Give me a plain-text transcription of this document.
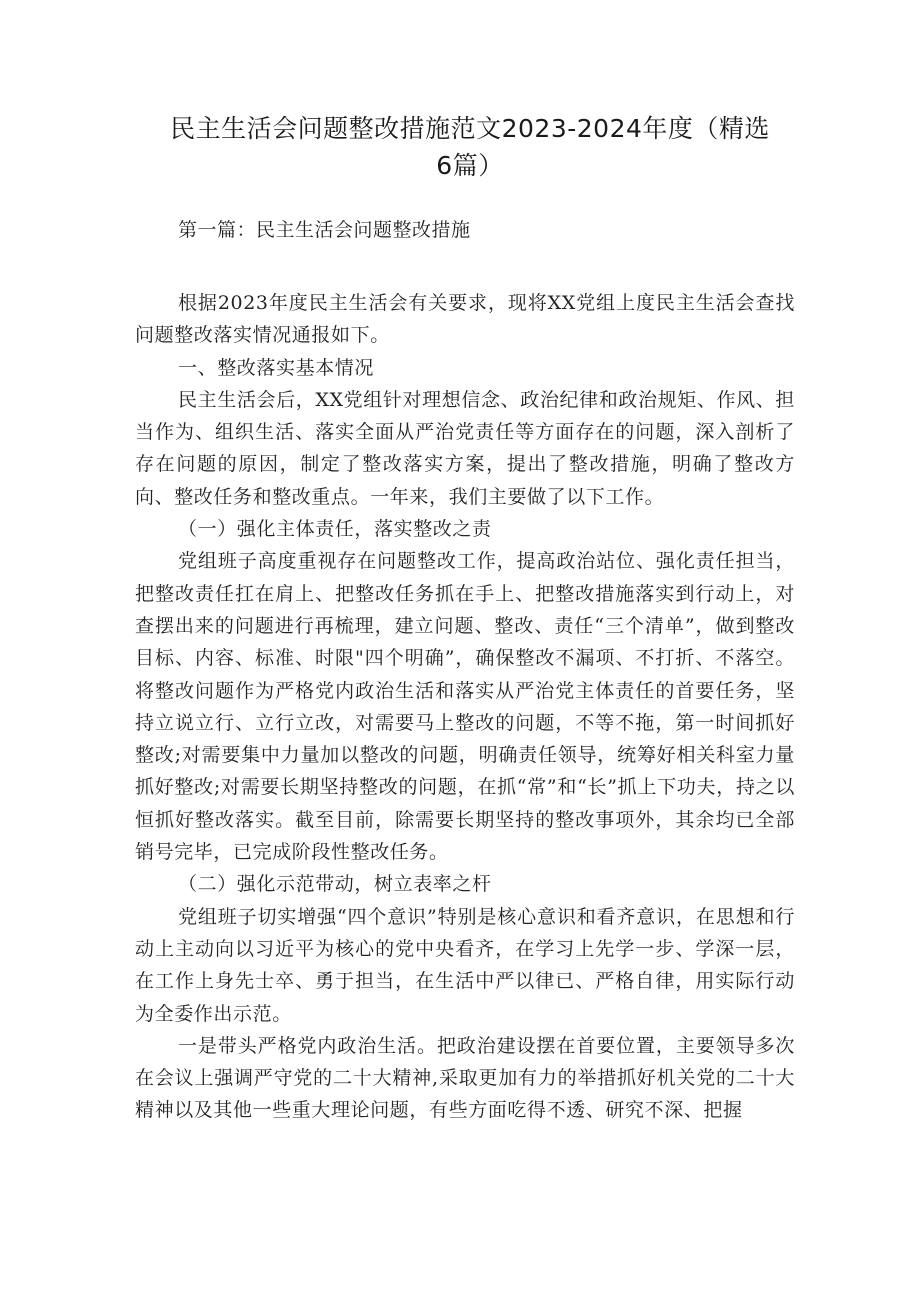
民主生活会问题整改措施范文2023-2024年度（精选6篇）

第一篇：民主生活会问题整改措施

根据2023年度民主生活会有关要求，现将XX党组上度民主生活会查找问题整改落实情况通报如下。

一、整改落实基本情况

民主生活会后，XX党组针对理想信念、政治纪律和政治规矩、作风、担当作为、组织生活、落实全面从严治党责任等方面存在的问题，深入剖析了存在问题的原因，制定了整改落实方案，提出了整改措施，明确了整改方向、整改任务和整改重点。一年来，我们主要做了以下工作。

（一）强化主体责任，落实整改之责

党组班子高度重视存在问题整改工作，提高政治站位、强化责任担当，把整改责任扛在肩上、把整改任务抓在手上、把整改措施落实到行动上，对查摆出来的问题进行再梳理，建立问题、整改、责任“三个清单”，做到整改目标、内容、标准、时限"四个明确”，确保整改不漏项、不打折、不落空。将整改问题作为严格党内政治生活和落实从严治党主体责任的首要任务，坚持立说立行、立行立改，对需要马上整改的问题，不等不拖，第一时间抓好整改;对需要集中力量加以整改的问题，明确责任领导，统筹好相关科室力量抓好整改;对需要长期坚持整改的问题，在抓“常”和“长”抓上下功夫，持之以恒抓好整改落实。截至目前，除需要长期坚持的整改事项外，其余均已全部销号完毕，已完成阶段性整改任务。

（二）强化示范带动，树立表率之杆

党组班子切实增强“四个意识”特别是核心意识和看齐意识，在思想和行动上主动向以习近平为核心的党中央看齐，在学习上先学一步、学深一层，在工作上身先士卒、勇于担当，在生活中严以律已、严格自律，用实际行动为全委作出示范。

一是带头严格党内政治生活。把政治建设摆在首要位置，主要领导多次在会议上强调严守党的二十大精神,采取更加有力的举措抓好机关党的二十大精神以及其他一些重大理论问题，有些方面吃得不透、研究不深、把握
